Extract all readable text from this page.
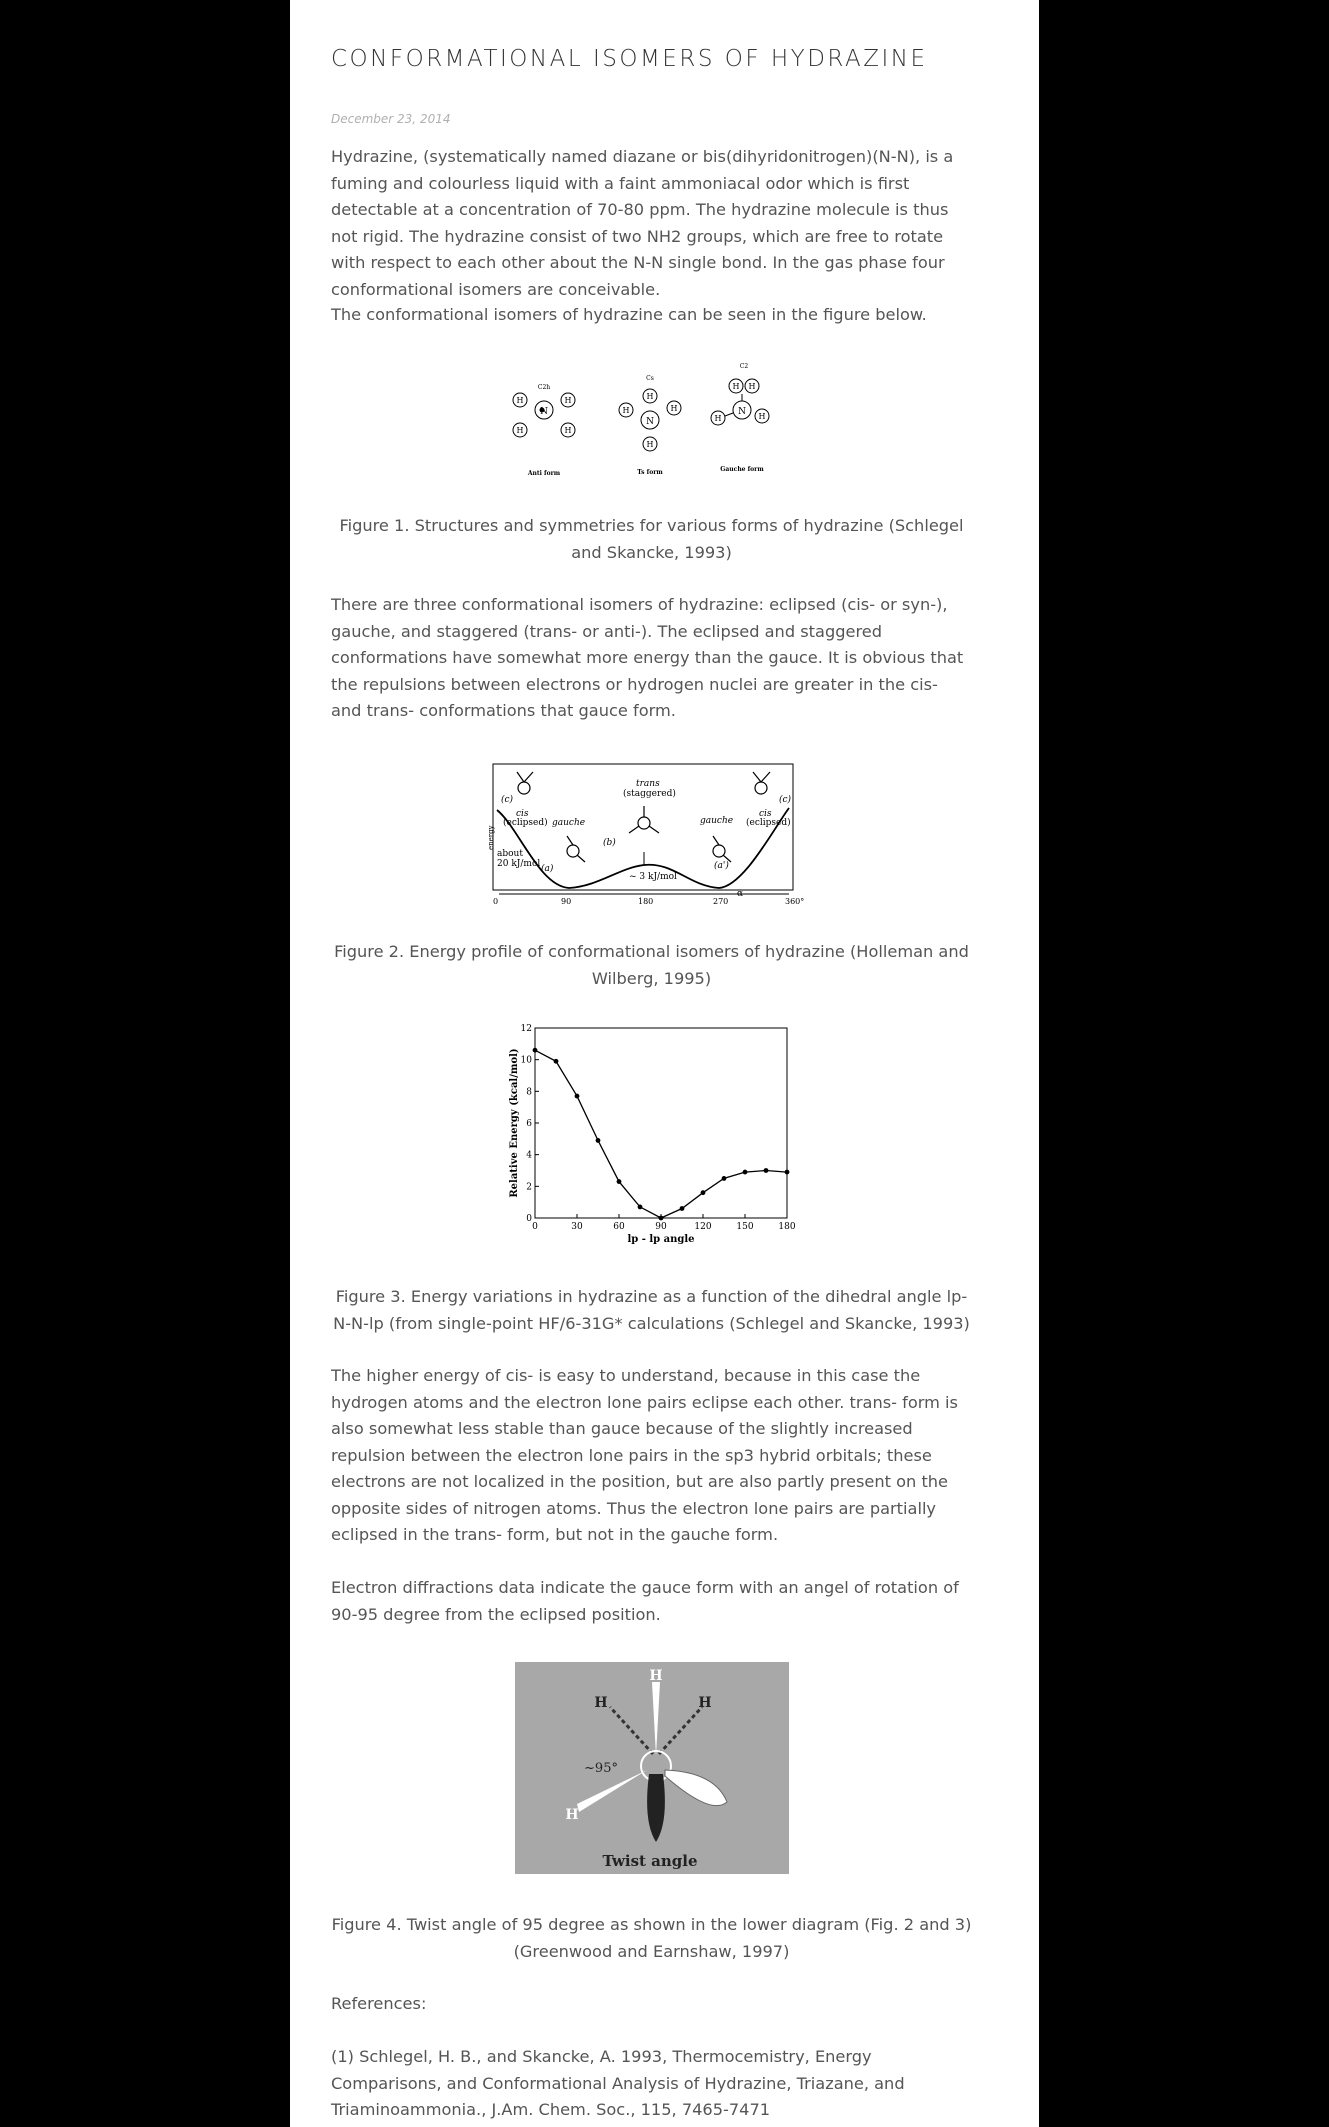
CONFORMATIONAL ISOMERS OF HYDRAZINE
December 23, 2014

Hydrazine, (systematically named diazane or bis(dihyridonitrogen)(N-N), is a fuming and colourless liquid with a faint ammoniacal odor which is first detectable at a concentration of 70-80 ppm. The hydrazine molecule is thus not rigid. The hydrazine consist of two NH2 groups, which are free to rotate with respect to each other about the N-N single bond. In the gas phase four conformational isomers are conceivable.

The conformational isomers of hydrazine can be seen in the figure below.

N
N
N
H	H
H	H
H
H	H
H
H H
H	H
C2h
Cs
C2
Anti form	Ts form	Gauche form
Figure 1. Structures and symmetries for various forms of hydrazine (Schlegel and Skancke, 1993)

There are three conformational isomers of hydrazine: eclipsed (cis- or syn-), gauche, and staggered (trans- or anti-). The eclipsed and staggered conformations have somewhat more energy than the gauce. It is obvious that the repulsions between electrons or hydrogen nuclei are greater in the cis- and trans- conformations that gauce form.

trans
(staggered)
cis
(eclipsed)
cis
(eclipsed)
gauche	gauche
about
20 kJ/mol
~ 3 kJ/mol
energy
(c)	(c)
(a)	(a')
(b)
α
0	90	180	270	360°
Figure 2. Energy profile of conformational isomers of hydrazine (Holleman and Wilberg, 1995)
0	30	60	90	120	150	180
0
2
4
6
8
10
12
lp - lp angle
Relative Energy (kcal/mol)
Figure 3. Energy variations in hydrazine as a function of the dihedral angle lp-N-N-lp (from single-point HF/6-31G* calculations (Schlegel and Skancke, 1993)

The higher energy of cis- is easy to understand, because in this case the hydrogen atoms and the electron lone pairs eclipse each other. trans- form is also somewhat less stable than gauce because of the slightly increased repulsion between the electron lone pairs in the sp3 hybrid orbitals; these electrons are not localized in the position, but are also partly present on the opposite sides of nitrogen atoms. Thus the electron lone pairs are partially eclipsed in the trans- form, but not in the gauche form.

Electron diffractions data indicate the gauce form with an angel of rotation of 90-95 degree from the eclipsed position.

H
H
H	H
~95°
Twist angle
Figure 4. Twist angle of 95 degree as shown in the lower diagram (Fig. 2 and 3) (Greenwood and Earnshaw, 1997)

References:

(1) Schlegel, H. B., and Skancke, A. 1993, Thermocemistry, Energy Comparisons, and Conformational Analysis of Hydrazine, Triazane, and Triaminoammonia., J.Am. Chem. Soc., 115, 7465-7471
